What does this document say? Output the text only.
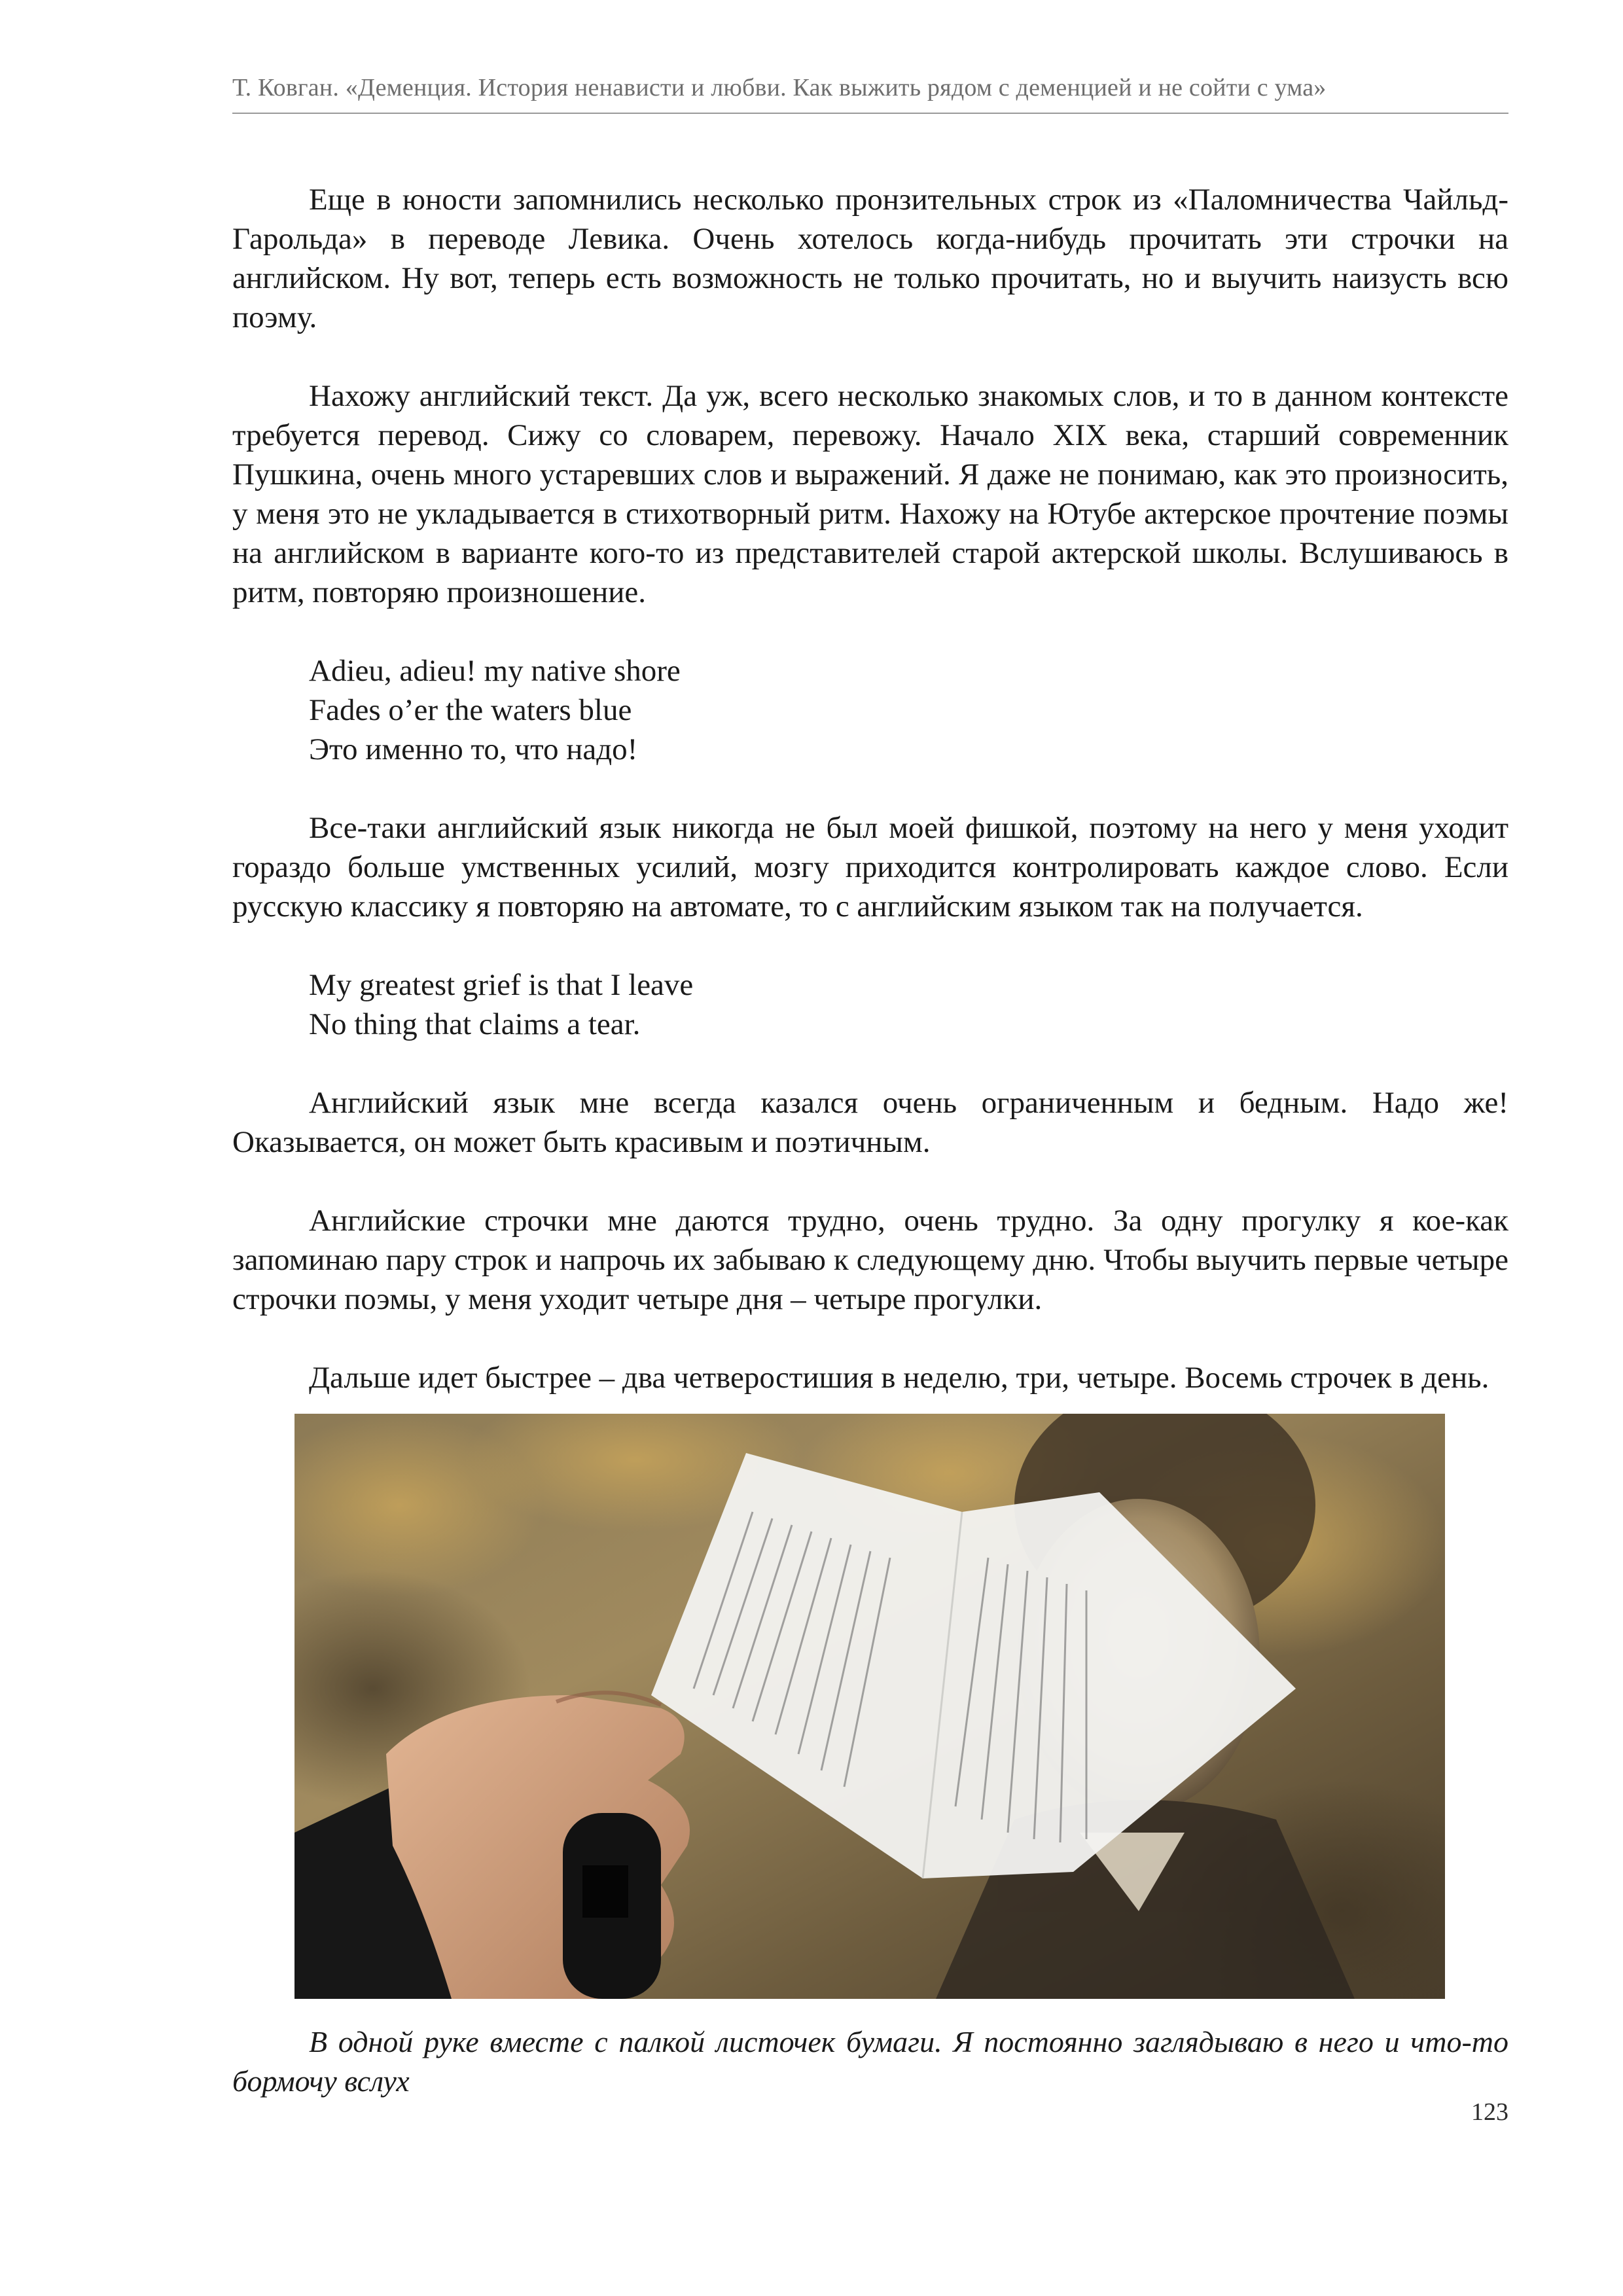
Т. Ковган. «Деменция. История ненависти и любви. Как выжить рядом с деменцией и не сойти с ума»

Еще в юности запомнились несколько пронзительных строк из «Паломничества Чайльд-Гарольда» в переводе Левика. Очень хотелось когда-нибудь прочитать эти строчки на английском. Ну вот, теперь есть возможность не только прочитать, но и выучить наизусть всю поэму.

Нахожу английский текст. Да уж, всего несколько знакомых слов, и то в данном контексте требуется перевод. Сижу со словарем, перевожу. Начало XIX века, старший современник Пушкина, очень много устаревших слов и выражений. Я даже не понимаю, как это произносить, у меня это не укладывается в стихотворный ритм. Нахожу на Ютубе актерское прочтение поэмы на английском в варианте кого-то из представителей старой актерской школы. Вслушиваюсь в ритм, повторяю произношение.

Adieu, adieu! my native shore
Fades o’er the waters blue
Это именно то, что надо!

Все-таки английский язык никогда не был моей фишкой, поэтому на него у меня уходит гораздо больше умственных усилий, мозгу приходится контролировать каждое слово. Если русскую классику я повторяю на автомате, то с английским языком так на получается.

My greatest grief is that I leave
No thing that claims a tear.

Английский язык мне всегда казался очень ограниченным и бедным. Надо же! Оказывается, он может быть красивым и поэтичным.

Английские строчки мне даются трудно, очень трудно. За одну прогулку я кое-как запоминаю пару строк и напрочь их забываю к следующему дню. Чтобы выучить первые четыре строчки поэмы, у меня уходит четыре дня – четыре прогулки.

Дальше идет быстрее – два четверостишия в неделю, три, четыре. Восемь строчек в день.

В одной руке вместе с палкой листочек бумаги. Я постоянно заглядываю в него и что-то бормочу вслух

123
